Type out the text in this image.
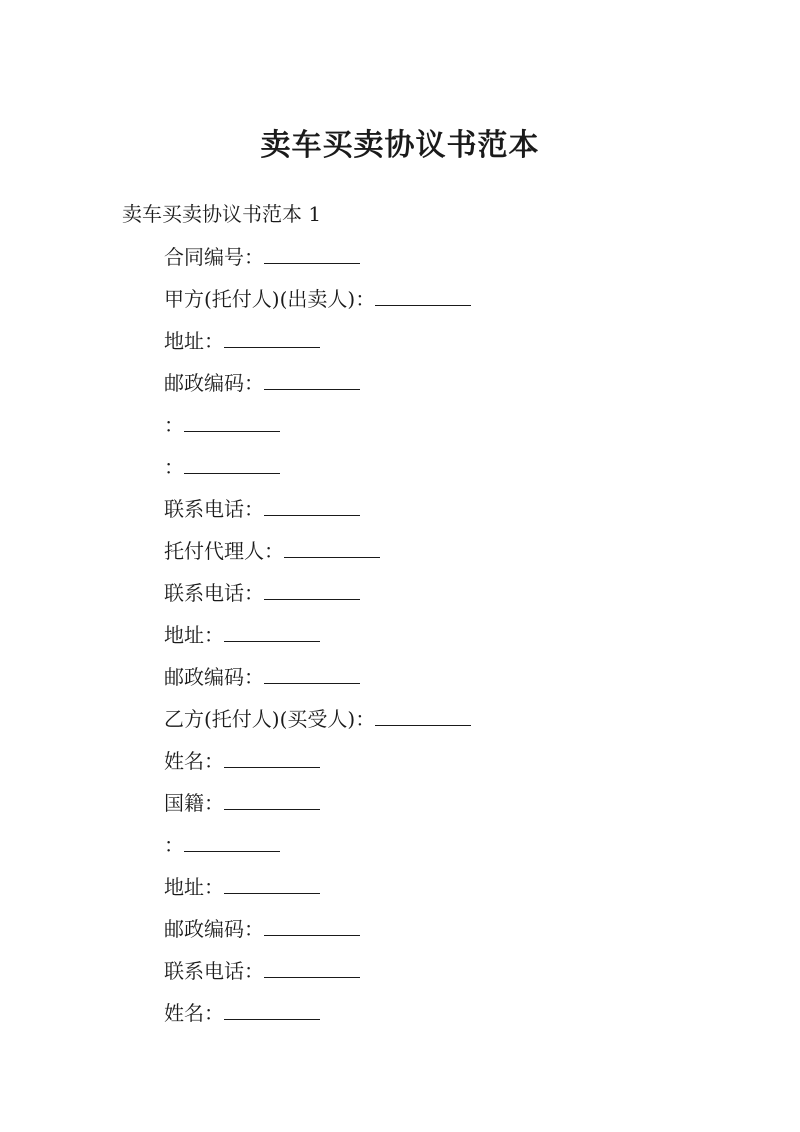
卖车买卖协议书范本
卖车买卖协议书范本 1
合同编号：
甲方(托付人)(出卖人)：
地址：
邮政编码：
：
：
联系电话：
托付代理人：
联系电话：
地址：
邮政编码：
乙方(托付人)(买受人)：
姓名：
国籍：
：
地址：
邮政编码：
联系电话：
姓名：
